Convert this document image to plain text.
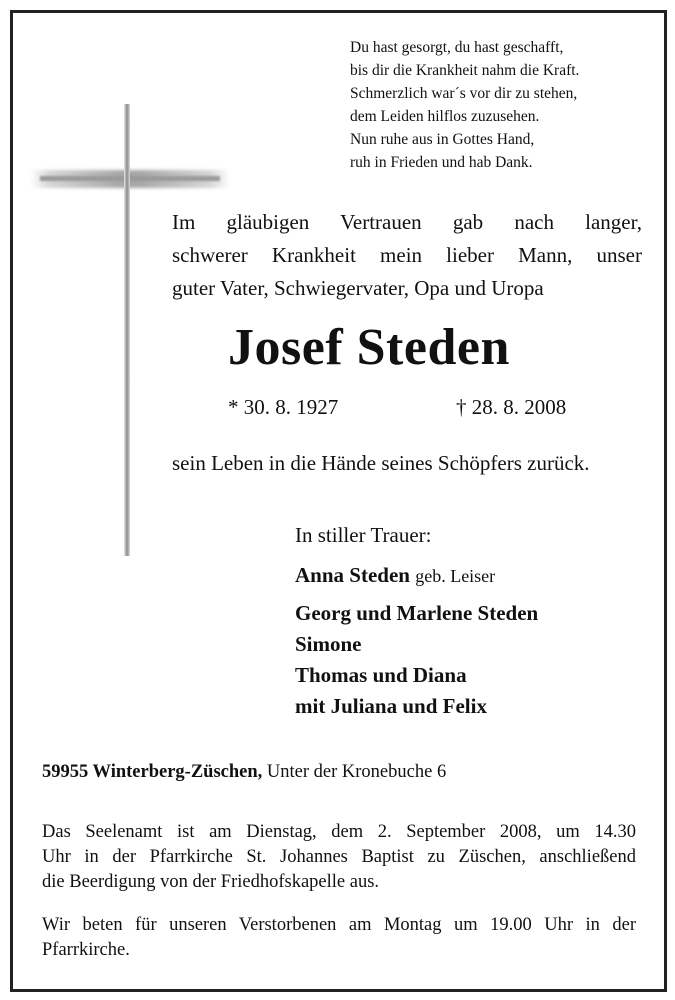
Du hast gesorgt, du hast geschafft,
bis dir die Krankheit nahm die Kraft.
Schmerzlich war´s vor dir zu stehen,
dem Leiden hilflos zuzusehen.
Nun ruhe aus in Gottes Hand,
ruh in Frieden und hab Dank.
Im gläubigen Vertrauen gab nach langer,
schwerer Krankheit mein lieber Mann, unser
guter Vater, Schwiegervater, Opa und Uropa
Josef Steden
* 30. 8. 1927	† 28. 8. 2008
sein Leben in die Hände seines Schöpfers zurück.
In stiller Trauer:
Anna Steden geb. Leiser
Georg und Marlene Steden
Simone
Thomas und Diana
mit Juliana und Felix
59955 Winterberg-Züschen, Unter der Kronebuche 6
Das Seelenamt ist am Dienstag, dem 2. September 2008, um 14.30
Uhr in der Pfarrkirche St. Johannes Baptist zu Züschen, anschließend
die Beerdigung von der Friedhofskapelle aus.
Wir beten für unseren Verstorbenen am Montag um 19.00 Uhr in der
Pfarrkirche.
